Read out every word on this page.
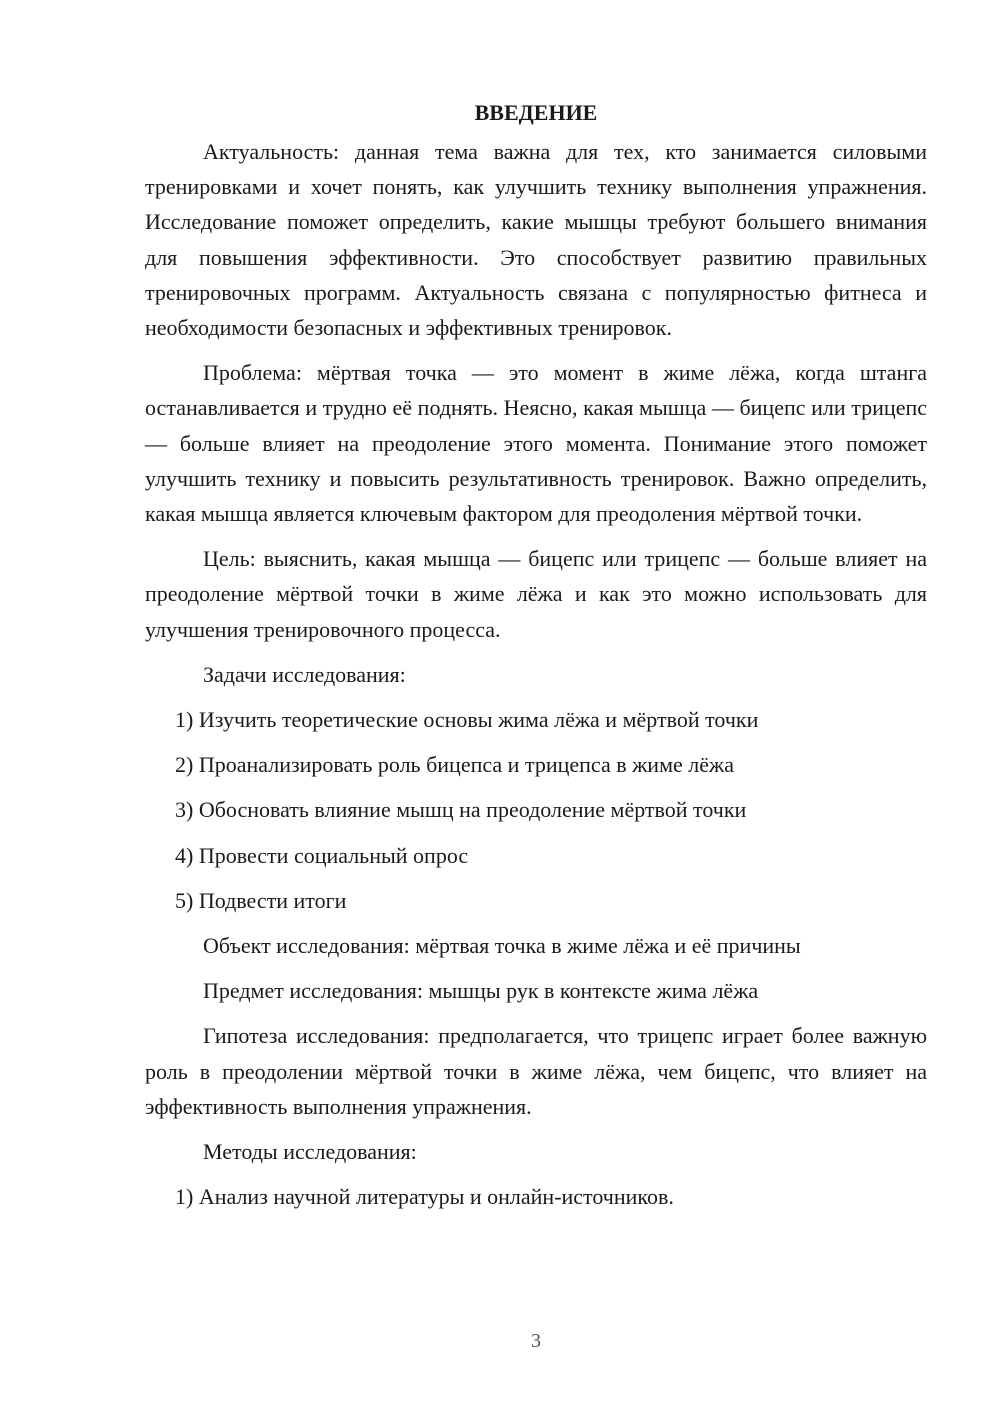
ВВЕДЕНИЕ

Актуальность: данная тема важна для тех, кто занимается силовыми тренировками и хочет понять, как улучшить технику выполнения упражнения. Исследование поможет определить, какие мышцы требуют большего внимания для повышения эффективности. Это способствует развитию правильных тренировочных программ. Актуальность связана с популярностью фитнеса и необходимости безопасных и эффективных тренировок.

Проблема: мёртвая точка — это момент в жиме лёжа, когда штанга останавливается и трудно её поднять. Неясно, какая мышца — бицепс или трицепс — больше влияет на преодоление этого момента. Понимание этого поможет улучшить технику и повысить результативность тренировок. Важно определить, какая мышца является ключевым фактором для преодоления мёртвой точки.

Цель: выяснить, какая мышца — бицепс или трицепс — больше влияет на преодоление мёртвой точки в жиме лёжа и как это можно использовать для улучшения тренировочного процесса.

Задачи исследования:

1) Изучить теоретические основы жима лёжа и мёртвой точки
2) Проанализировать роль бицепса и трицепса в жиме лёжа
3) Обосновать влияние мышц на преодоление мёртвой точки
4) Провести социальный опрос
5) Подвести итоги

Объект исследования: мёртвая точка в жиме лёжа и её причины

Предмет исследования: мышцы рук в контексте жима лёжа

Гипотеза исследования: предполагается, что трицепс играет более важную роль в преодолении мёртвой точки в жиме лёжа, чем бицепс, что влияет на эффективность выполнения упражнения.

Методы исследования:

1) Анализ научной литературы и онлайн-источников.
3
